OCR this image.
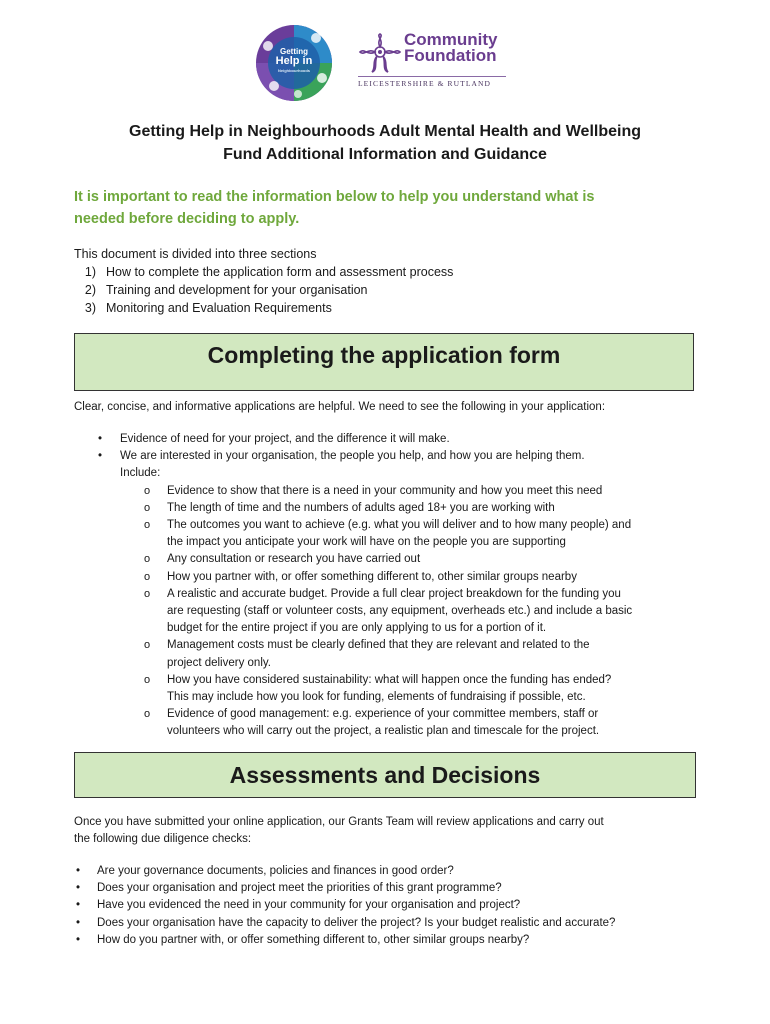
Getting
Help in
Neighbourhoods
Community
Foundation
LEICESTERSHIRE & RUTLAND
Getting Help in Neighbourhoods Adult Mental Health and Wellbeing
Fund Additional Information and Guidance
It is important to read the information below to help you understand what is
needed before deciding to apply.
This document is divided into three sections
1) How to complete the application form and assessment process
2) Training and development for your organisation
3) Monitoring and Evaluation Requirements
Completing the application form
Clear, concise, and informative applications are helpful. We need to see the following in your application:
• Evidence of need for your project, and the difference it will make.
• We are interested in your organisation, the people you help, and how you are helping them.
Include:
o Evidence to show that there is a need in your community and how you meet this need
o The length of time and the numbers of adults aged 18+ you are working with
o The outcomes you want to achieve (e.g. what you will deliver and to how many people) and
the impact you anticipate your work will have on the people you are supporting
o Any consultation or research you have carried out
o How you partner with, or offer something different to, other similar groups nearby
o A realistic and accurate budget. Provide a full clear project breakdown for the funding you
are requesting (staff or volunteer costs, any equipment, overheads etc.) and include a basic
budget for the entire project if you are only applying to us for a portion of it.
o Management costs must be clearly defined that they are relevant and related to the
project delivery only.
o How you have considered sustainability: what will happen once the funding has ended?
This may include how you look for funding, elements of fundraising if possible, etc.
o Evidence of good management: e.g. experience of your committee members, staff or
volunteers who will carry out the project, a realistic plan and timescale for the project.
Assessments and Decisions
Once you have submitted your online application, our Grants Team will review applications and carry out
the following due diligence checks:
• Are your governance documents, policies and finances in good order?
• Does your organisation and project meet the priorities of this grant programme?
• Have you evidenced the need in your community for your organisation and project?
• Does your organisation have the capacity to deliver the project? Is your budget realistic and accurate?
• How do you partner with, or offer something different to, other similar groups nearby?
